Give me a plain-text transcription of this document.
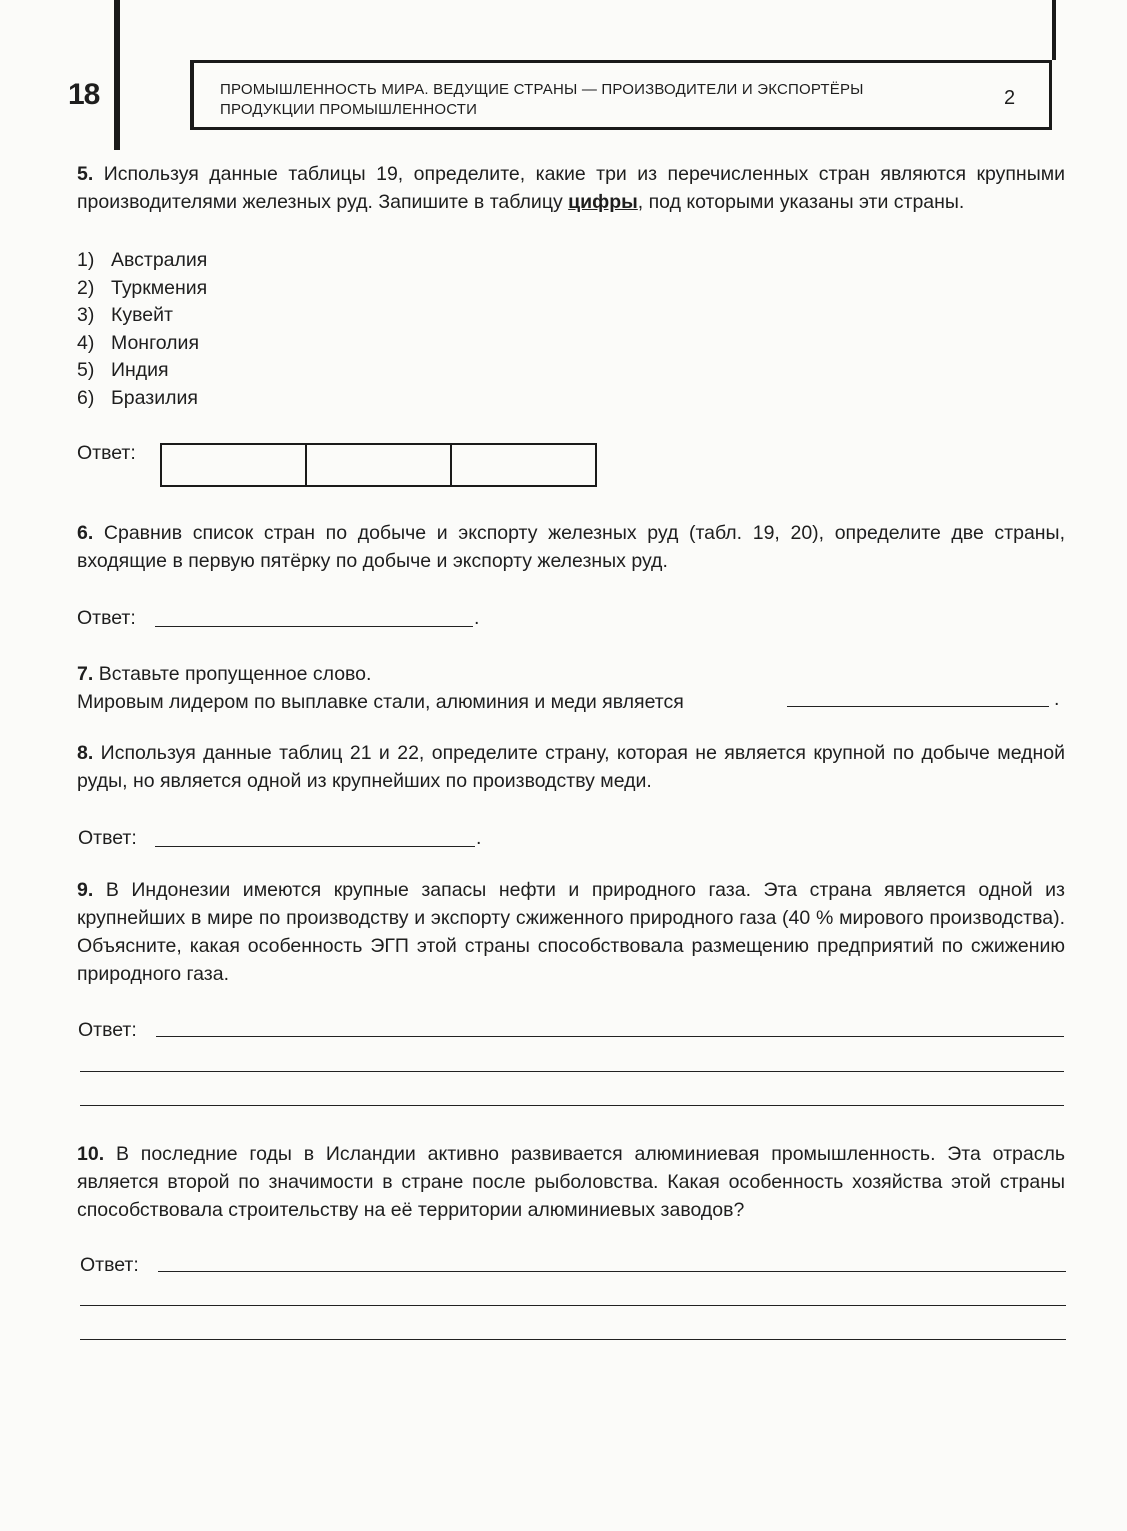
18	ПРОМЫШЛЕННОСТЬ МИРА. ВЕДУЩИЕ СТРАНЫ — ПРОИЗВОДИТЕЛИ И ЭКСПОРТЁРЫ ПРОДУКЦИИ ПРОМЫШЛЕННОСТИ
2
5. Используя данные таблицы 19, определите, какие три из перечисленных стран являются крупными производителями железных руд. Запишите в таблицу цифры, под которыми указаны эти страны.
1) Австралия
2) Туркмения
3) Кувейт
4) Монголия
5) Индия
6) Бразилия
Ответ:

6. Сравнив список стран по добыче и экспорту железных руд (табл. 19, 20), определите две страны, входящие в первую пятёрку по добыче и экспорту железных руд.
Ответ:	.
7. Вставьте пропущенное слово.
Мировым лидером по выплавке стали, алюминия и меди является	.
8. Используя данные таблиц 21 и 22, определите страну, которая не является крупной по добыче медной руды, но является одной из крупнейших по производству меди.
Ответ:	.
9. В Индонезии имеются крупные запасы нефти и природного газа. Эта страна является одной из крупнейших в мире по производству и экспорту сжиженного природного газа (40 % мирового производства). Объясните, какая особенность ЭГП этой страны способствовала размещению предприятий по сжижению природного газа.
Ответ:
10. В последние годы в Исландии активно развивается алюминиевая промышленность. Эта отрасль является второй по значимости в стране после рыболовства. Какая особенность хозяйства этой страны способствовала строительству на её территории алюминиевых заводов?
Ответ:
